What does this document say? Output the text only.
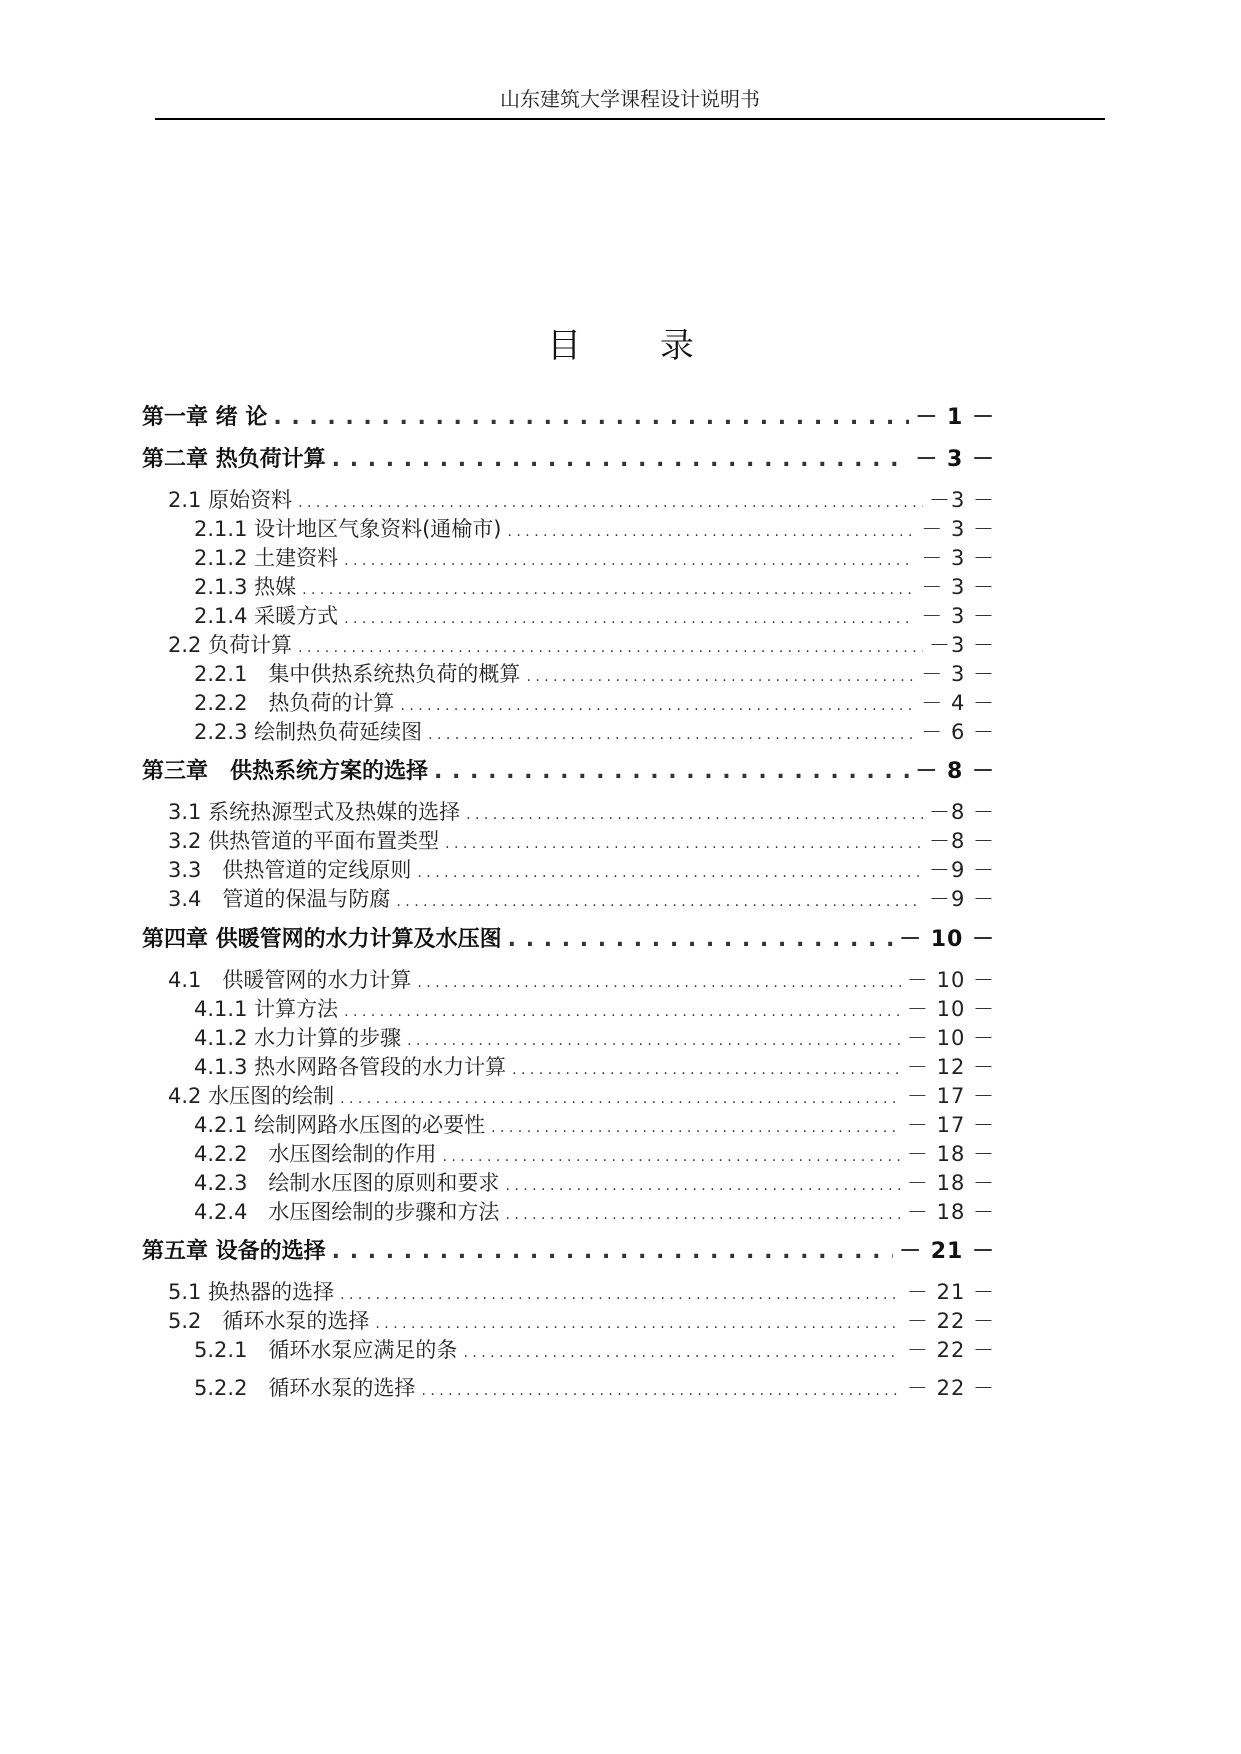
山东建筑大学课程设计说明书
目 录
第一章 绪 论 . . .	－ 1 －
第二章 热负荷计算 . . .	－ 3 －
2.1 原始资料 . . .	－3 －
2.1.1 设计地区气象资料(通榆市) . . .	－ 3 －
2.1.2 土建资料 . . .	－ 3 －
2.1.3 热媒 . . .	－ 3 －
2.1.4 采暖方式 . . .	－ 3 －
2.2 负荷计算 . . .	－3 －
2.2.1　集中供热系统热负荷的概算 . . .	－ 3 －
2.2.2　热负荷的计算 . . .	－ 4 －
2.2.3 绘制热负荷延续图 . . .	－ 6 －
第三章　供热系统方案的选择 . . .	－ 8 －
3.1 系统热源型式及热媒的选择 . . .	－8 －
3.2 供热管道的平面布置类型 . . .	－8 －
3.3　供热管道的定线原则 . . .	－9 －
3.4　管道的保温与防腐 . . .	－9 －
第四章 供暖管网的水力计算及水压图 . . .	－ 10 －
4.1　供暖管网的水力计算 . . .	－ 10 －
4.1.1 计算方法 . . .	－ 10 －
4.1.2 水力计算的步骤 . . .	－ 10 －
4.1.3 热水网路各管段的水力计算 . . .	－ 12 －
4.2 水压图的绘制 . . .	－ 17 －
4.2.1 绘制网路水压图的必要性 . . .	－ 17 －
4.2.2　水压图绘制的作用 . . .	－ 18 －
4.2.3　绘制水压图的原则和要求 . . .	－ 18 －
4.2.4　水压图绘制的步骤和方法 . . .	－ 18 －
第五章 设备的选择 . . .	－ 21 －
5.1 换热器的选择 . . .	－ 21 －
5.2　循环水泵的选择 . . .	－ 22 －
5.2.1　循环水泵应满足的条 . . .	－ 22 －
5.2.2　循环水泵的选择 . . .	－ 22 －
